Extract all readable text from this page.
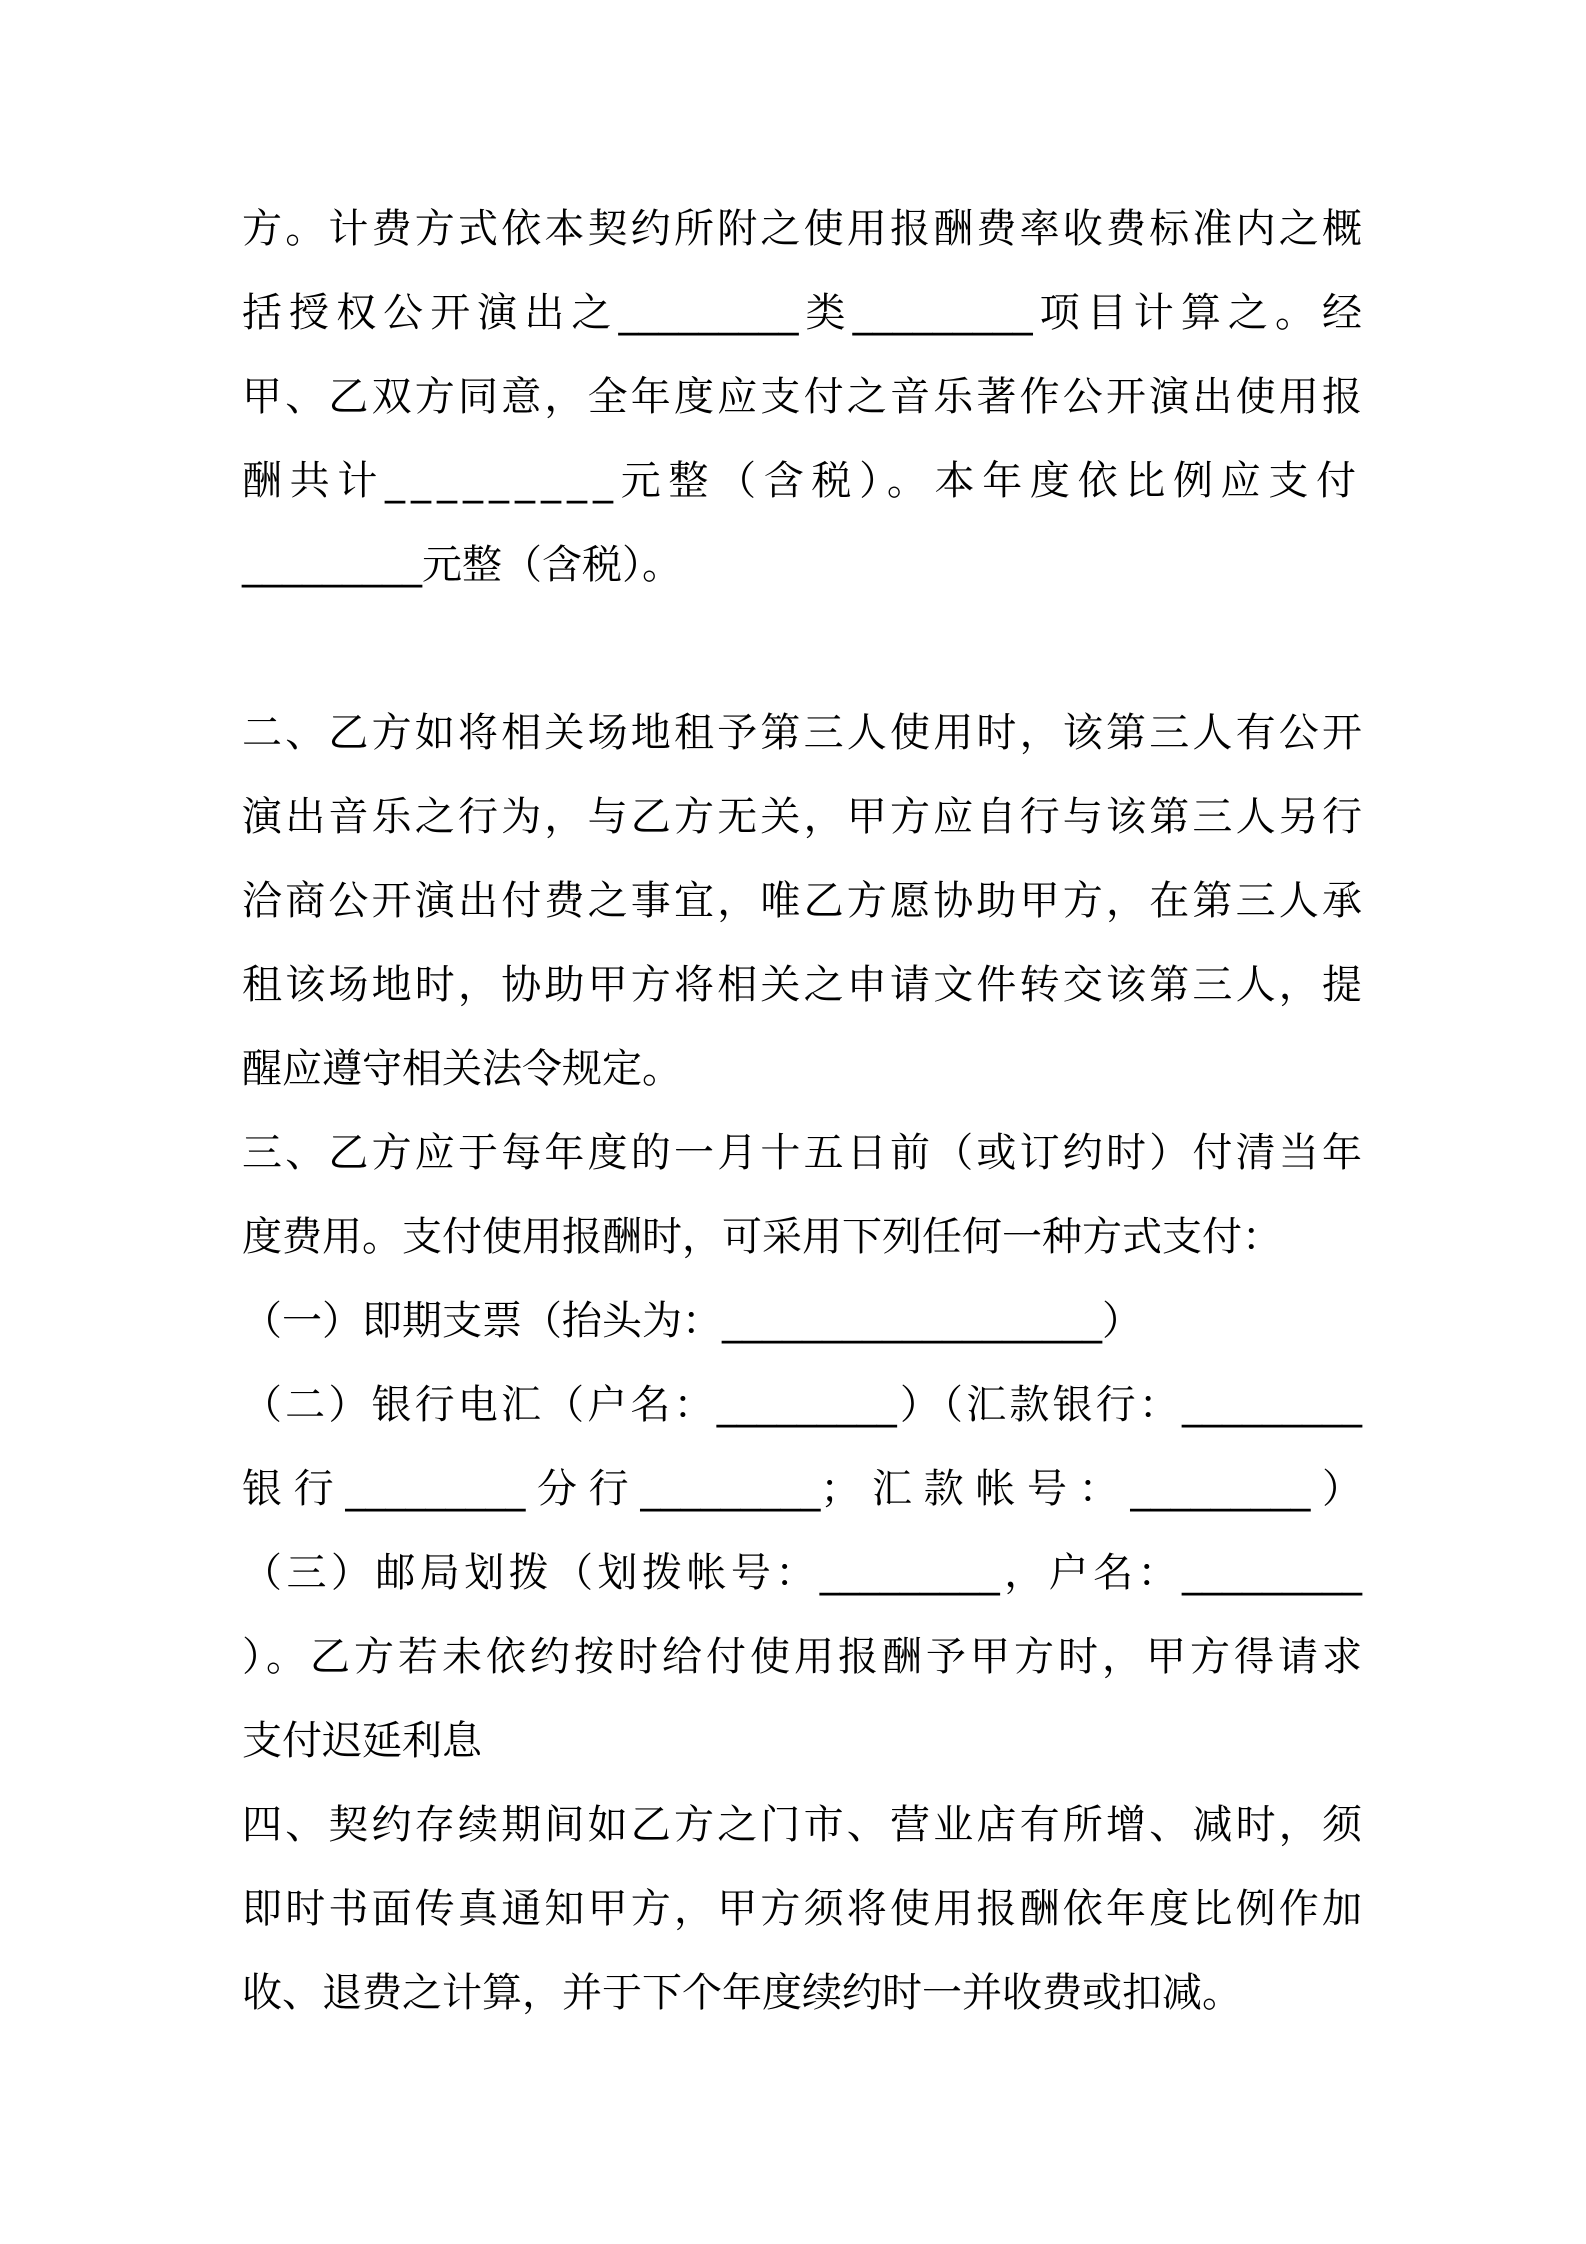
方。计费方式依本契约所附之使用报酬费率收费标准内之概
括授权公开演出之_________类_________项目计算之。经
甲、乙双方同意，全年度应支付之音乐著作公开演出使用报
酬共计_________元整（含税）。本年度依比例应支付
_________元整（含税）。
二、乙方如将相关场地租予第三人使用时，该第三人有公开
演出音乐之行为，与乙方无关，甲方应自行与该第三人另行
洽商公开演出付费之事宜，唯乙方愿协助甲方，在第三人承
租该场地时，协助甲方将相关之申请文件转交该第三人，提
醒应遵守相关法令规定。
三、乙方应于每年度的一月十五日前（或订约时）付清当年
度费用。支付使用报酬时，可采用下列任何一种方式支付：
（一）即期支票（抬头为：___________________）
（二）银行电汇（户名：_________）（汇款银行：_________
银行_________分行_________；汇款帐号：_________）
（三）邮局划拨（划拨帐号：_________，户名：_________
）。乙方若未依约按时给付使用报酬予甲方时，甲方得请求
支付迟延利息
四、契约存续期间如乙方之门市、营业店有所增、减时，须
即时书面传真通知甲方，甲方须将使用报酬依年度比例作加
收、退费之计算，并于下个年度续约时一并收费或扣减。
